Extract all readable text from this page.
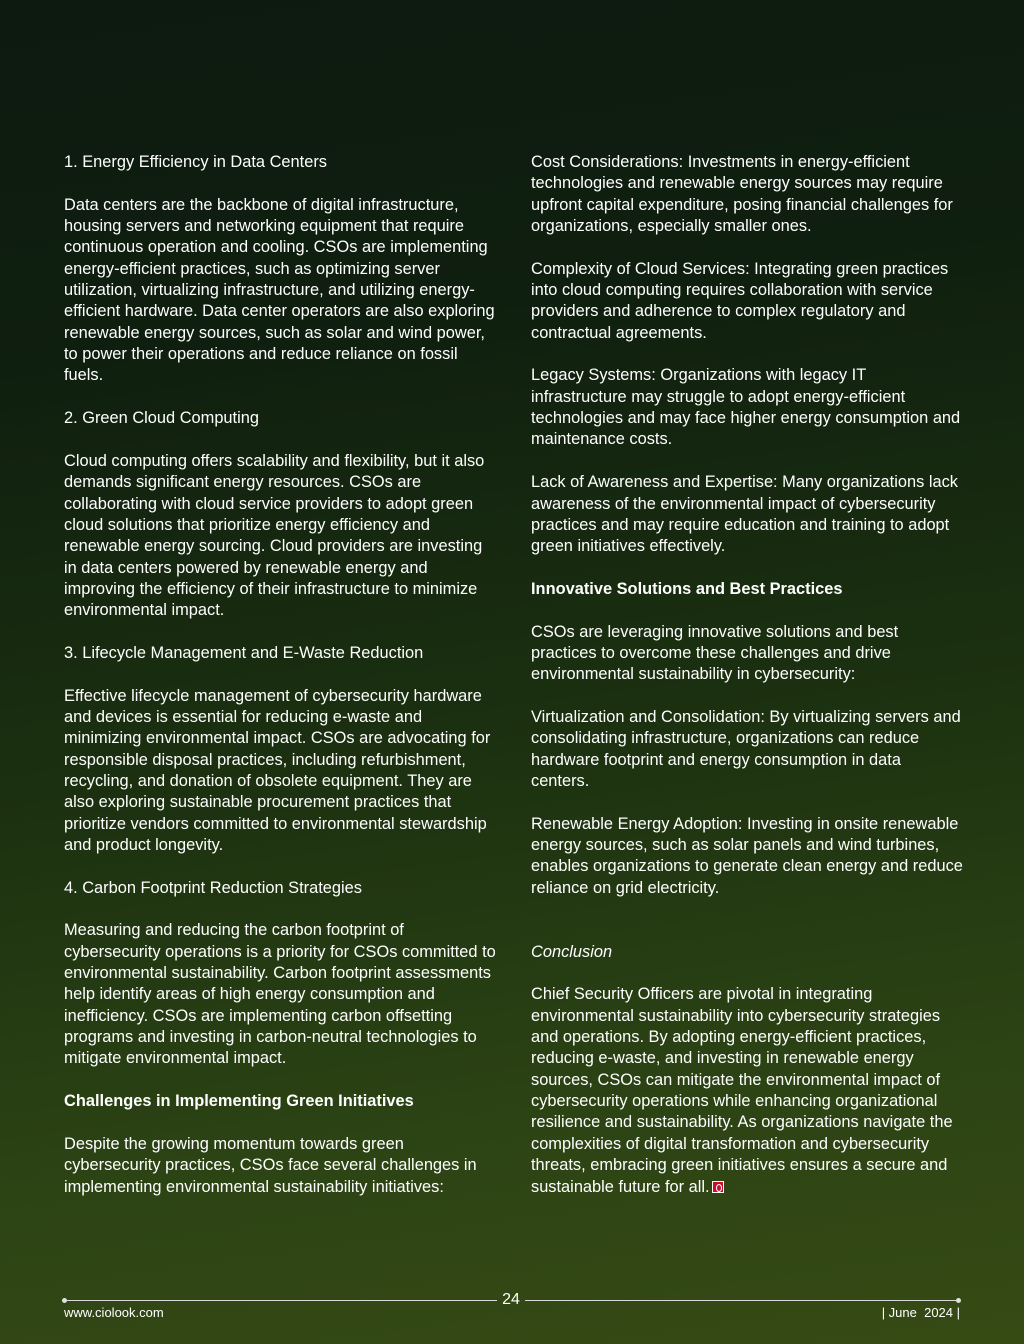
1. Energy Efficiency in Data Centers

Data centers are the backbone of digital infrastructure, housing servers and networking equipment that require continuous operation and cooling. CSOs are implementing energy-efficient practices, such as optimizing server utilization, virtualizing infrastructure, and utilizing energy-efficient hardware. Data center operators are also exploring renewable energy sources, such as solar and wind power, to power their operations and reduce reliance on fossil fuels.

2. Green Cloud Computing

Cloud computing offers scalability and flexibility, but it also demands significant energy resources. CSOs are collaborating with cloud service providers to adopt green cloud solutions that prioritize energy efficiency and renewable energy sourcing. Cloud providers are investing in data centers powered by renewable energy and improving the efficiency of their infrastructure to minimize environmental impact.

3. Lifecycle Management and E-Waste Reduction

Effective lifecycle management of cybersecurity hardware and devices is essential for reducing e-waste and minimizing environmental impact. CSOs are advocating for responsible disposal practices, including refurbishment, recycling, and donation of obsolete equipment. They are also exploring sustainable procurement practices that prioritize vendors committed to environmental stewardship and product longevity.

4. Carbon Footprint Reduction Strategies

Measuring and reducing the carbon footprint of cybersecurity operations is a priority for CSOs committed to environmental sustainability. Carbon footprint assessments help identify areas of high energy consumption and inefficiency. CSOs are implementing carbon offsetting programs and investing in carbon-neutral technologies to mitigate environmental impact.

Challenges in Implementing Green Initiatives

Despite the growing momentum towards green cybersecurity practices, CSOs face several challenges in implementing environmental sustainability initiatives:

Cost Considerations: Investments in energy-efficient technologies and renewable energy sources may require upfront capital expenditure, posing financial challenges for organizations, especially smaller ones.

Complexity of Cloud Services: Integrating green practices into cloud computing requires collaboration with service providers and adherence to complex regulatory and contractual agreements.

Legacy Systems: Organizations with legacy IT infrastructure may struggle to adopt energy-efficient technologies and may face higher energy consumption and maintenance costs.

Lack of Awareness and Expertise: Many organizations lack awareness of the environmental impact of cybersecurity practices and may require education and training to adopt green initiatives effectively.

Innovative Solutions and Best Practices

CSOs are leveraging innovative solutions and best practices to overcome these challenges and drive environmental sustainability in cybersecurity:

Virtualization and Consolidation: By virtualizing servers and consolidating infrastructure, organizations can reduce hardware footprint and energy consumption in data centers.

Renewable Energy Adoption: Investing in onsite renewable energy sources, such as solar panels and wind turbines, enables organizations to generate clean energy and reduce reliance on grid electricity.

Conclusion

Chief Security Officers are pivotal in integrating environmental sustainability into cybersecurity strategies and operations. By adopting energy-efficient practices, reducing e-waste, and investing in renewable energy sources, CSOs can mitigate the environmental impact of cybersecurity operations while enhancing organizational resilience and sustainability. As organizations navigate the complexities of digital transformation and cybersecurity threats, embracing green initiatives ensures a secure and sustainable future for all.

24
www.ciolook.com	| June  2024 |
